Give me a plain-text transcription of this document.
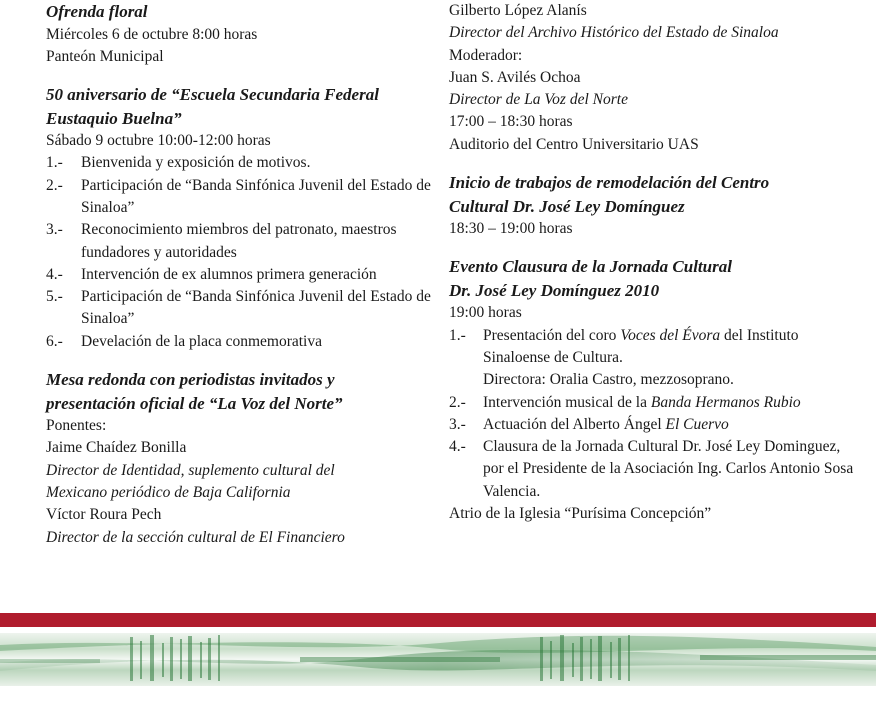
Ofrenda floral

Miércoles 6 de octubre 8:00 horas

Panteón Municipal

50 aniversario de “Escuela Secundaria Federal

Eustaquio Buelna”

Sábado 9 octubre 10:00-12:00 horas

1.-	Bienvenida y exposición de motivos.
2.-	Participación de “Banda Sinfónica Juvenil del Estado de Sinaloa”
3.-	Reconocimiento miembros del patronato, maestros fundadores y autoridades
4.-	Intervención de ex alumnos primera generación
5.-	Participación de “Banda Sinfónica Juvenil del Estado de Sinaloa”
6.-	Develación de la placa conmemorativa

Mesa redonda con periodistas invitados y

presentación oficial de “La Voz del Norte”

Ponentes:

Jaime Chaídez Bonilla

Director de Identidad, suplemento cultural del

Mexicano periódico de Baja California

Víctor Roura Pech

Director de la sección cultural de El Financiero

Gilberto López Alanís

Director del Archivo Histórico del Estado de Sinaloa

Moderador:

Juan S. Avilés Ochoa

Director de La Voz del Norte

17:00 – 18:30 horas

Auditorio del Centro Universitario UAS

Inicio de trabajos de remodelación del Centro

Cultural Dr. José Ley Domínguez

18:30 – 19:00 horas

Evento Clausura de la Jornada Cultural

Dr. José Ley Domínguez 2010

19:00 horas

1.-	Presentación del coro Voces del Évora del Instituto Sinaloense de Cultura.
Directora: Oralia Castro, mezzosoprano.
2.-	Intervención musical de la Banda Hermanos Rubio
3.-	Actuación del Alberto Ángel El Cuervo
4.-	Clausura de la Jornada Cultural Dr. José Ley Dominguez, por el Presidente de la Asociación Ing. Carlos Antonio Sosa Valencia.

Atrio de la Iglesia “Purísima Concepción”
